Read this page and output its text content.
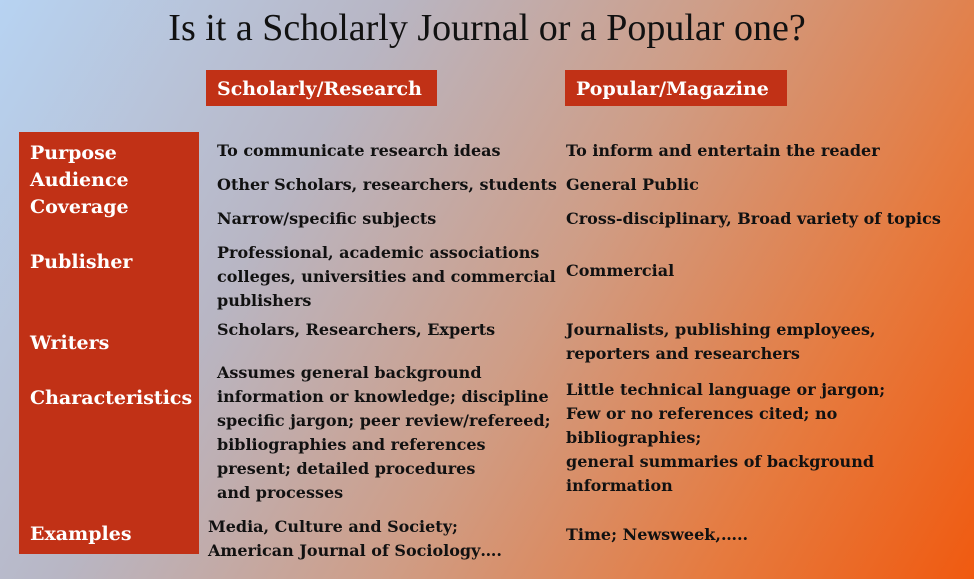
Is it a Scholarly Journal or a Popular one?
Scholarly/Research	Popular/Magazine
Purpose
Audience
Coverage
Publisher
Writers
Characteristics
Examples
To communicate research ideas
Other Scholars, researchers, students
Narrow/specific subjects
Professional, academic associations
colleges, universities and commercial
publishers
Scholars, Researchers, Experts
Assumes general background
information or knowledge; discipline
specific jargon; peer review/refereed;
bibliographies and references
present; detailed procedures
and processes
Media, Culture and Society;
American Journal of Sociology….
To inform and entertain the reader
General Public
Cross-disciplinary, Broad variety of topics
Commercial
Journalists, publishing employees,
reporters and researchers
Little technical language or jargon;
Few or no references cited; no bibliographies;
general summaries of background information
Time; Newsweek,…..
